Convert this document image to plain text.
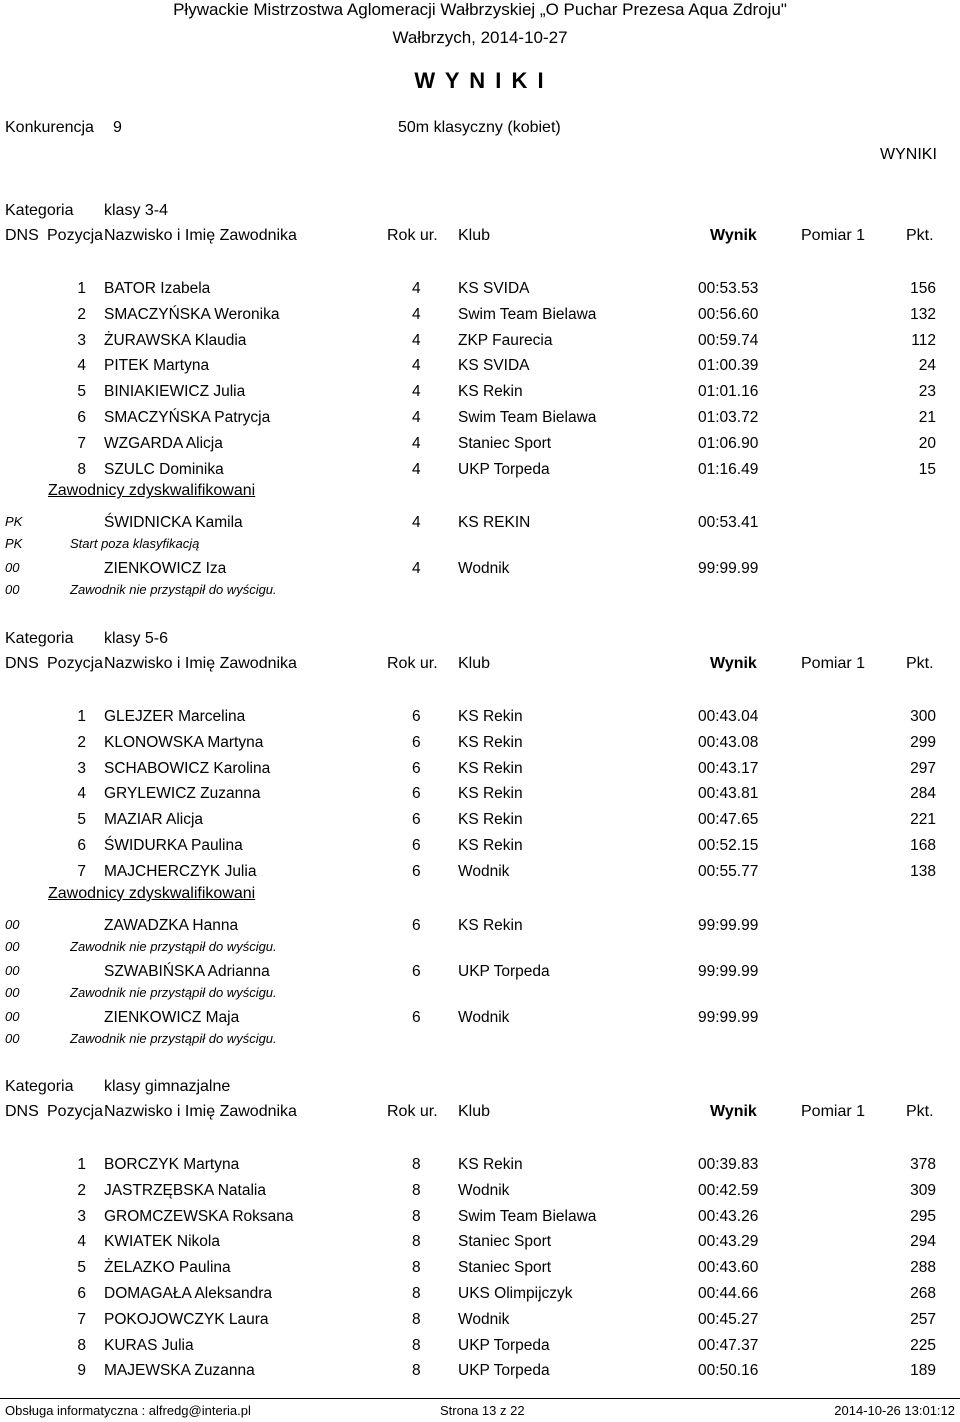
Pływackie Mistrzostwa Aglomeracji Wałbrzyskiej „O Puchar Prezesa Aqua Zdroju"
Wałbrzych, 2014-10-27
W Y N I K I
Konkurencja 9	50m klasyczny (kobiet)
WYNIKI
Kategoria klasy 3-4
DNS Pozycja Nazwisko i Imię Zawodnika	Rok ur. Klub	Wynik	Pomiar 1	Pkt.
1 BATOR Izabela	4 KS SVIDA	00:53.53	156
2 SMACZYŃSKA Weronika	4 Swim Team Bielawa	00:56.60	132
3 ŻURAWSKA Klaudia	4 ZKP Faurecia	00:59.74	112
4 PITEK Martyna	4 KS SVIDA	01:00.39	24
5 BINIAKIEWICZ Julia	4 KS Rekin	01:01.16	23
6 SMACZYŃSKA Patrycja	4 Swim Team Bielawa	01:03.72	21
7 WZGARDA Alicja	4 Staniec Sport	01:06.90	20
8 SZULC Dominika	4 UKP Torpeda	01:16.49	15
Zawodnicy zdyskwalifikowani
PK	ŚWIDNICKA Kamila	4 KS REKIN	00:53.41
PK	Start poza klasyfikacją
00	ZIENKOWICZ Iza	4 Wodnik	99:99.99
00	Zawodnik nie przystąpił do wyścigu.
Kategoria klasy 5-6
DNS Pozycja Nazwisko i Imię Zawodnika	Rok ur. Klub	Wynik	Pomiar 1	Pkt.
1 GLEJZER Marcelina	6 KS Rekin	00:43.04	300
2 KLONOWSKA Martyna	6 KS Rekin	00:43.08	299
3 SCHABOWICZ Karolina	6 KS Rekin	00:43.17	297
4 GRYLEWICZ Zuzanna	6 KS Rekin	00:43.81	284
5 MAZIAR Alicja	6 KS Rekin	00:47.65	221
6 ŚWIDURKA Paulina	6 KS Rekin	00:52.15	168
7 MAJCHERCZYK Julia	6 Wodnik	00:55.77	138
Zawodnicy zdyskwalifikowani
00	ZAWADZKA Hanna	6 KS Rekin	99:99.99
00	Zawodnik nie przystąpił do wyścigu.
00	SZWABIŃSKA Adrianna	6 UKP Torpeda	99:99.99
00	Zawodnik nie przystąpił do wyścigu.
00	ZIENKOWICZ Maja	6 Wodnik	99:99.99
00	Zawodnik nie przystąpił do wyścigu.
Kategoria klasy gimnazjalne
DNS Pozycja Nazwisko i Imię Zawodnika	Rok ur. Klub	Wynik	Pomiar 1	Pkt.
1 BORCZYK Martyna	8 KS Rekin	00:39.83	378
2 JASTRZĘBSKA Natalia	8 Wodnik	00:42.59	309
3 GROMCZEWSKA Roksana	8 Swim Team Bielawa	00:43.26	295
4 KWIATEK Nikola	8 Staniec Sport	00:43.29	294
5 ŻELAZKO Paulina	8 Staniec Sport	00:43.60	288
6 DOMAGAŁA Aleksandra	8 UKS Olimpijczyk	00:44.66	268
7 POKOJOWCZYK Laura	8 Wodnik	00:45.27	257
8 KURAS Julia	8 UKP Torpeda	00:47.37	225
9 MAJEWSKA Zuzanna	8 UKP Torpeda	00:50.16	189
Obsługa informatyczna : alfredg@interia.pl	Strona 13 z 22	2014-10-26 13:01:12
